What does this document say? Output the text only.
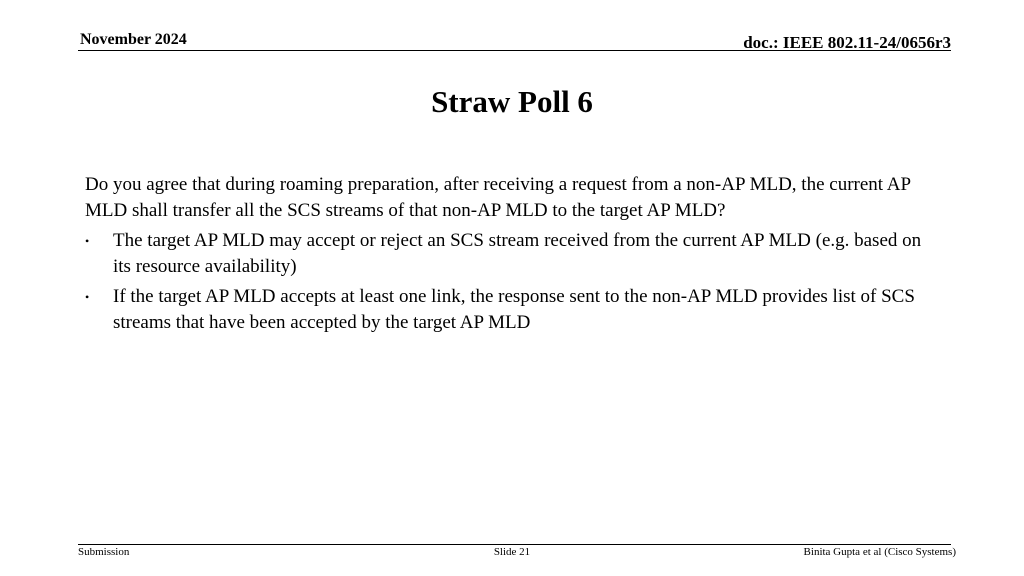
November 2024	doc.: IEEE 802.11-24/0656r3
Straw Poll 6

Do you agree that during roaming preparation, after receiving a request from a non-AP MLD, the current AP MLD shall transfer all the SCS streams of that non-AP MLD to the target AP MLD?

• The target AP MLD may accept or reject an SCS stream received from the current AP MLD (e.g. based on its resource availability)
• If the target AP MLD accepts at least one link, the response sent to the non-AP MLD provides list of SCS streams that have been accepted by the target AP MLD
Submission	Slide 21	Binita Gupta et al (Cisco Systems)
